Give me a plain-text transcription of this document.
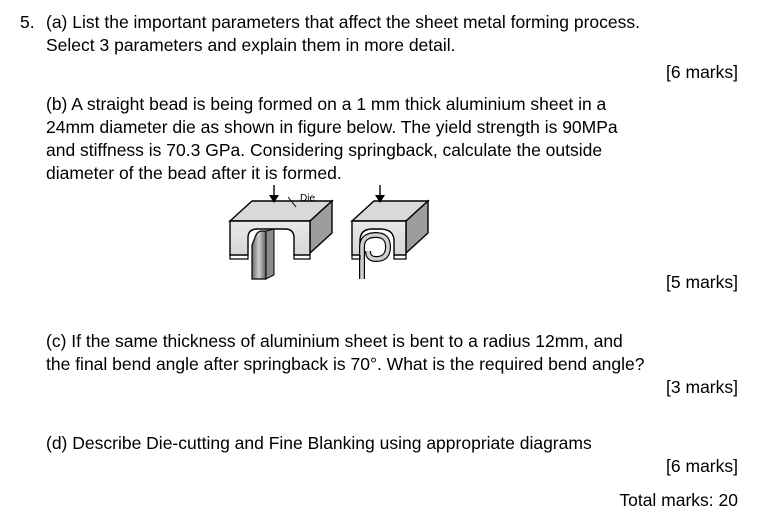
5. (a) List the important parameters that affect the sheet metal forming process.
Select 3 parameters and explain them in more detail.
[6 marks]
(b) A straight bead is being formed on a 1 mm thick aluminium sheet in a
24mm diameter die as shown in figure below. The yield strength is 90MPa
and stiffness is 70.3 GPa. Considering springback, calculate the outside
diameter of the bead after it is formed.
Die
[5 marks]
(c) If the same thickness of aluminium sheet is bent to a radius 12mm, and
the final bend angle after springback is 70°. What is the required bend angle?
[3 marks]
(d) Describe Die-cutting and Fine Blanking using appropriate diagrams
[6 marks]
Total marks: 20
